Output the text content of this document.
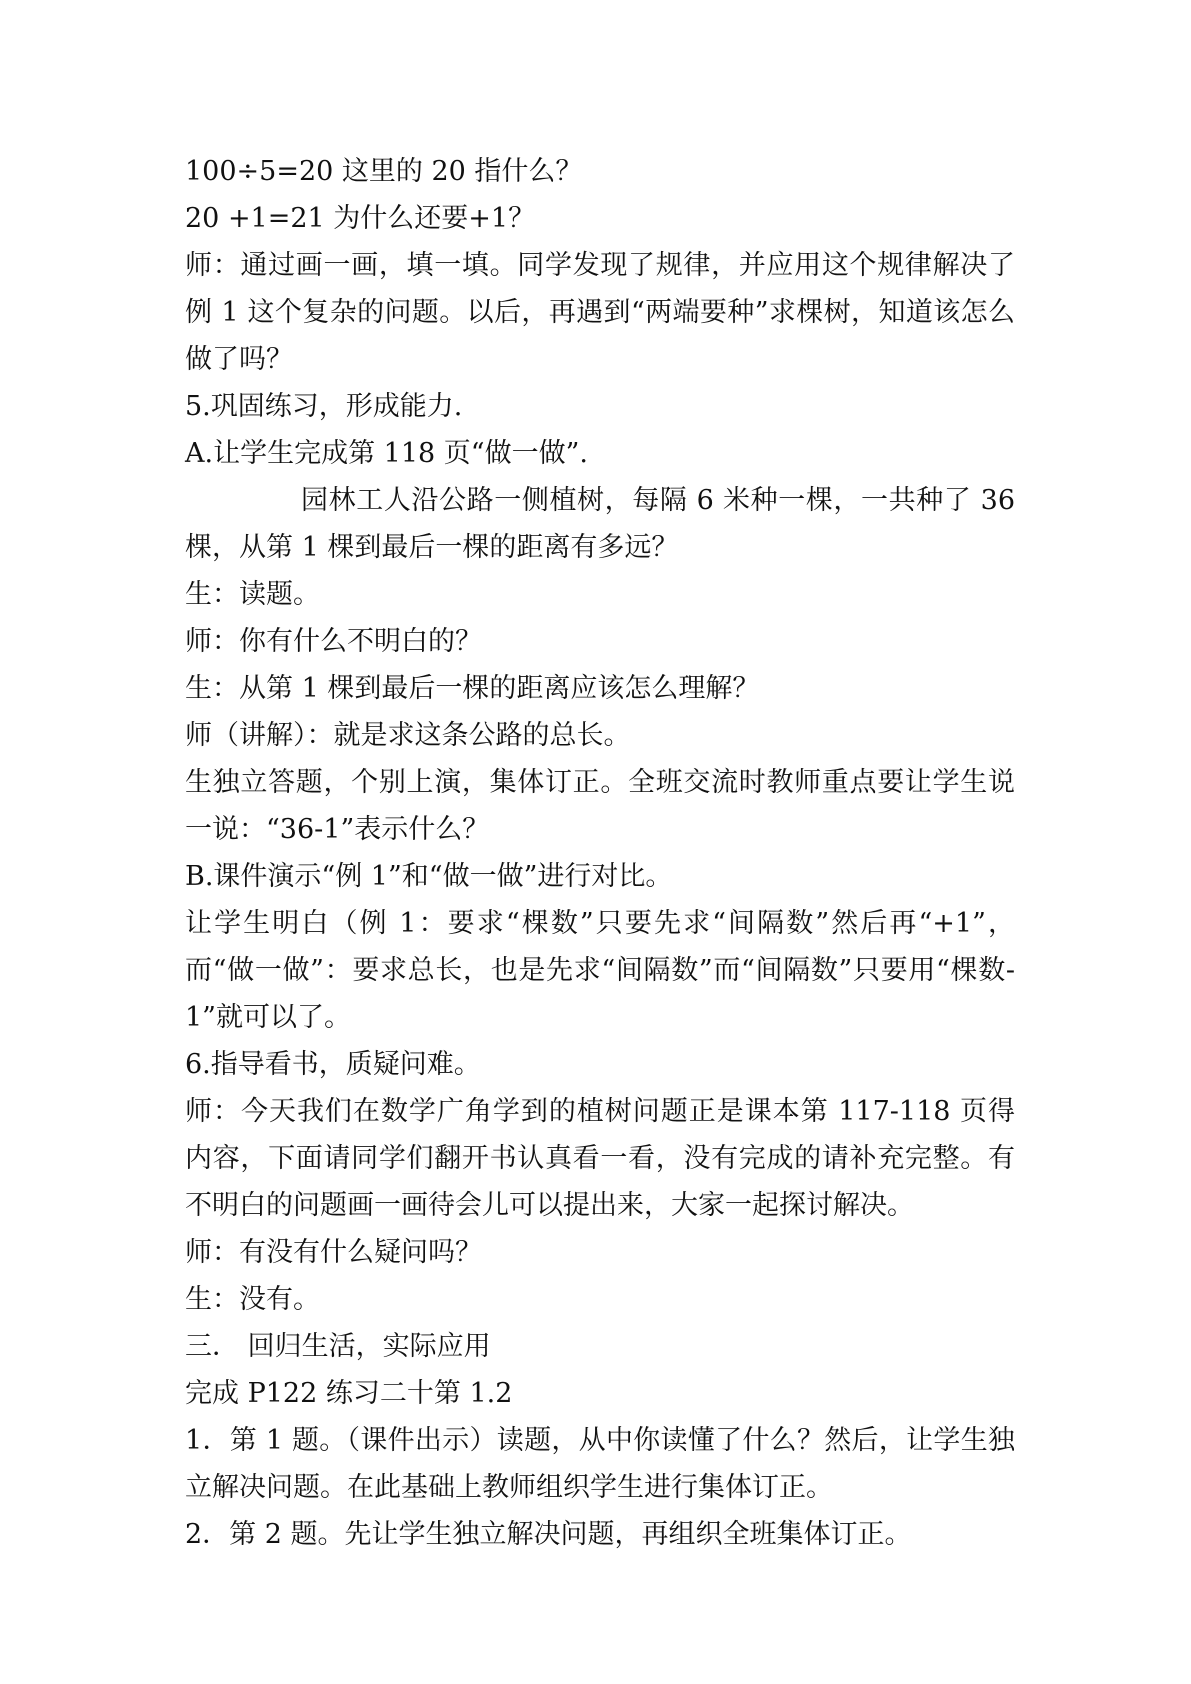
100÷5=20 这里的 20 指什么？

20 +1=21 为什么还要+1？

师：通过画一画，填一填。同学发现了规律，并应用这个规律解决了例 1 这个复杂的问题。以后，再遇到“两端要种”求棵树，知道该怎么做了吗？

5.巩固练习，形成能力.

A.让学生完成第 118 页“做一做”.

园林工人沿公路一侧植树，每隔 6 米种一棵，一共种了 36 棵，从第 1 棵到最后一棵的距离有多远？

生：读题。

师：你有什么不明白的？

生：从第 1 棵到最后一棵的距离应该怎么理解？

师（讲解）：就是求这条公路的总长。

生独立答题，个别上演，集体订正。全班交流时教师重点要让学生说一说：“36-1”表示什么？

B.课件演示“例 1”和“做一做”进行对比。

让学生明白（例 1：要求“棵数”只要先求“间隔数”然后再“+1”，而“做一做”：要求总长，也是先求“间隔数”而“间隔数”只要用“棵数-1”就可以了。

6.指导看书，质疑问难。

师：今天我们在数学广角学到的植树问题正是课本第 117-118 页得内容，下面请同学们翻开书认真看一看，没有完成的请补充完整。有不明白的问题画一画待会儿可以提出来，大家一起探讨解决。

师：有没有什么疑问吗？

生：没有。

三． 回归生活，实际应用

完成 P122 练习二十第 1.2

1．第 1 题。（课件出示）读题，从中你读懂了什么？然后，让学生独立解决问题。在此基础上教师组织学生进行集体订正。

2．第 2 题。先让学生独立解决问题，再组织全班集体订正。
